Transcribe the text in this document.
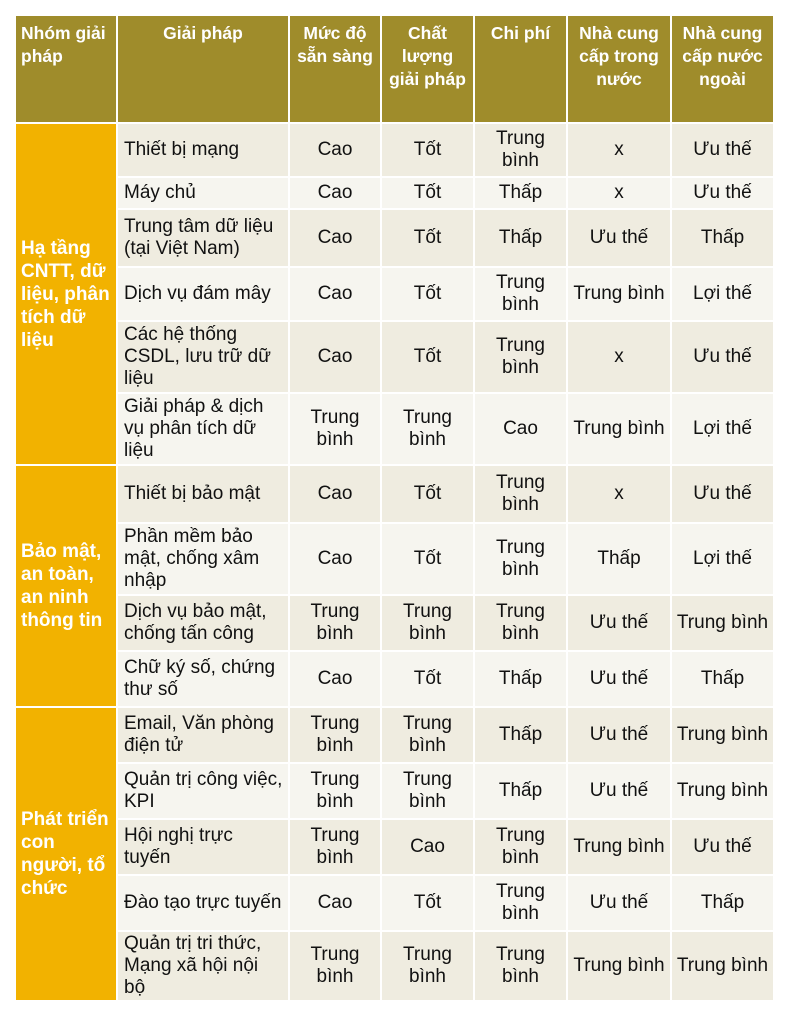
Nhóm giải pháp	Giải pháp	Mức độ sẵn sàng	Chất lượng giải pháp	Chi phí	Nhà cung cấp trong nước	Nhà cung cấp nước ngoài
Hạ tầng CNTT, dữ liệu, phân tích dữ liệu	Thiết bị mạng	Cao	Tốt	Trung bình	x	Ưu thế
	Máy chủ	Cao	Tốt	Thấp	x	Ưu thế
	Trung tâm dữ liệu (tại Việt Nam)	Cao	Tốt	Thấp	Ưu thế	Thấp
	Dịch vụ đám mây	Cao	Tốt	Trung bình	Trung bình	Lợi thế
	Các hệ thống CSDL, lưu trữ dữ liệu	Cao	Tốt	Trung bình	x	Ưu thế
	Giải pháp & dịch vụ phân tích dữ liệu	Trung bình	Trung bình	Cao	Trung bình	Lợi thế
Bảo mật, an toàn, an ninh thông tin	Thiết bị bảo mật	Cao	Tốt	Trung bình	x	Ưu thế
	Phần mềm bảo mật, chống xâm nhập	Cao	Tốt	Trung bình	Thấp	Lợi thế
	Dịch vụ bảo mật, chống tấn công	Trung bình	Trung bình	Trung bình	Ưu thế	Trung bình
	Chữ ký số, chứng thư số	Cao	Tốt	Thấp	Ưu thế	Thấp
Phát triển con người, tổ chức	Email, Văn phòng điện tử	Trung bình	Trung bình	Thấp	Ưu thế	Trung bình
	Quản trị công việc, KPI	Trung bình	Trung bình	Thấp	Ưu thế	Trung bình
	Hội nghị trực tuyến	Trung bình	Cao	Trung bình	Trung bình	Ưu thế
	Đào tạo trực tuyến	Cao	Tốt	Trung bình	Ưu thế	Thấp
	Quản trị tri thức, Mạng xã hội nội bộ	Trung bình	Trung bình	Trung bình	Trung bình	Trung bình
